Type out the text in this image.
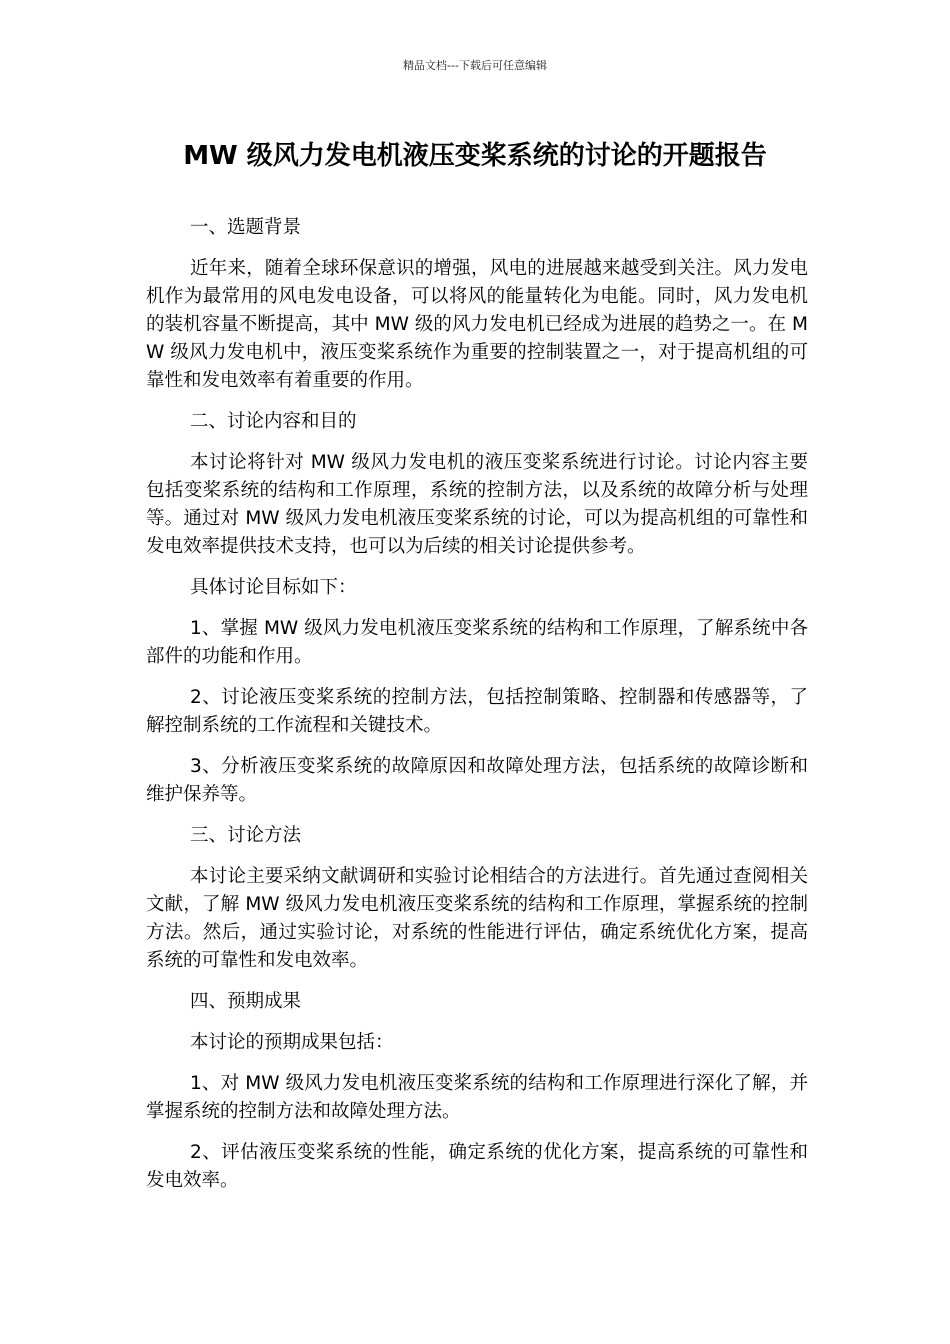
精品文档---下载后可任意编辑
MW 级风力发电机液压变桨系统的讨论的开题报告

一、选题背景

近年来，随着全球环保意识的增强，风电的进展越来越受到关注。风力发电机作为最常用的风电发电设备，可以将风的能量转化为电能。同时，风力发电机的装机容量不断提高，其中 MW 级的风力发电机已经成为进展的趋势之一。在 MW 级风力发电机中，液压变桨系统作为重要的控制装置之一，对于提高机组的可靠性和发电效率有着重要的作用。

二、讨论内容和目的

本讨论将针对 MW 级风力发电机的液压变桨系统进行讨论。讨论内容主要包括变桨系统的结构和工作原理，系统的控制方法，以及系统的故障分析与处理等。通过对 MW 级风力发电机液压变桨系统的讨论，可以为提高机组的可靠性和发电效率提供技术支持，也可以为后续的相关讨论提供参考。

具体讨论目标如下：

1、掌握 MW 级风力发电机液压变桨系统的结构和工作原理，了解系统中各部件的功能和作用。

2、讨论液压变桨系统的控制方法，包括控制策略、控制器和传感器等，了解控制系统的工作流程和关键技术。

3、分析液压变桨系统的故障原因和故障处理方法，包括系统的故障诊断和维护保养等。

三、讨论方法

本讨论主要采纳文献调研和实验讨论相结合的方法进行。首先通过查阅相关文献，了解 MW 级风力发电机液压变桨系统的结构和工作原理，掌握系统的控制方法。然后，通过实验讨论，对系统的性能进行评估，确定系统优化方案，提高系统的可靠性和发电效率。

四、预期成果

本讨论的预期成果包括：

1、对 MW 级风力发电机液压变桨系统的结构和工作原理进行深化了解，并掌握系统的控制方法和故障处理方法。

2、评估液压变桨系统的性能，确定系统的优化方案，提高系统的可靠性和发电效率。
